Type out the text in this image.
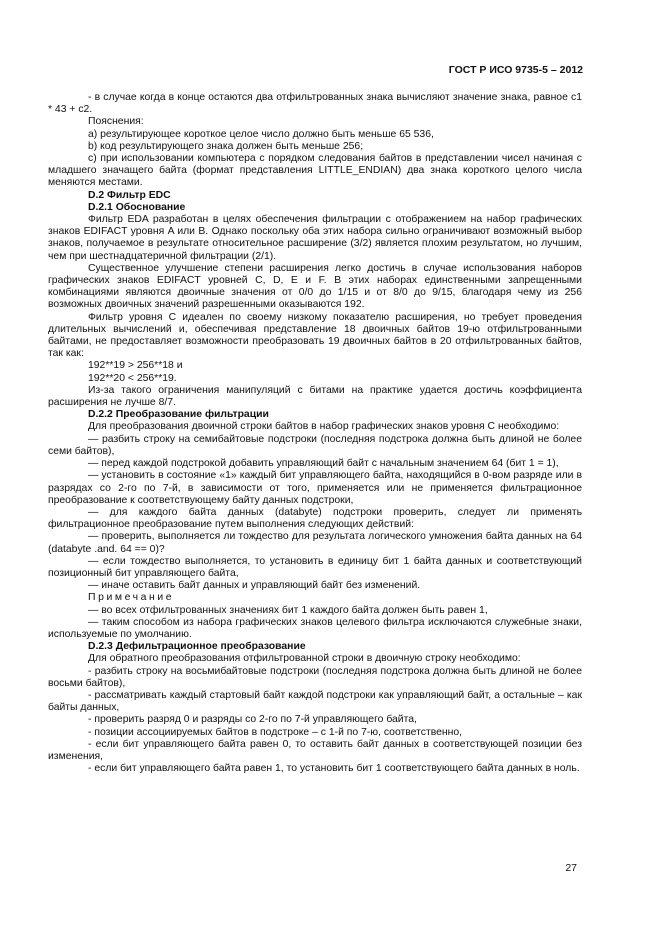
ГОСТ Р ИСО 9735-5 – 2012

- в случае когда в конце остаются два отфильтрованных знака вычисляют значение знака, равное с1 * 43 + с2.

Пояснения:

a) результирующее короткое целое число должно быть меньше 65 536,

b) код результирующего знака должен быть меньше 256;

c) при использовании компьютера с порядком следования байтов в представлении чисел начиная с младшего значащего байта (формат представления LITTLE_ENDIAN) два знака короткого целого числа меняются местами.

D.2 Фильтр EDC

D.2.1 Обоснование

Фильтр EDA разработан в целях обеспечения фильтрации с отображением на набор графических знаков EDIFACT уровня A или B. Однако поскольку оба этих набора сильно ограничивают возможный выбор знаков, получаемое в результате относительное расширение (3/2) является плохим результатом, но лучшим, чем при шестнадцатеричной фильтрации (2/1).

Существенное улучшение степени расширения легко достичь в случае использования наборов графических знаков EDIFACT уровней C, D, E и F. В этих наборах единственными запрещенными комбинациями являются двоичные значения от 0/0 до 1/15 и от 8/0 до 9/15, благодаря чему из 256 возможных двоичных значений разрешенными оказываются 192.

Фильтр уровня С идеален по своему низкому показателю расширения, но требует проведения длительных вычислений и, обеспечивая представление 18 двоичных байтов 19-ю отфильтрованными байтами, не предоставляет возможности преобразовать 19 двоичных байтов в 20 отфильтрованных байтов, так как:

192**19 > 256**18 и

192**20 < 256**19.

Из-за такого ограничения манипуляций с битами на практике удается достичь коэффициента расширения не лучше 8/7.

D.2.2 Преобразование фильтрации

Для преобразования двоичной строки байтов в набор графических знаков уровня С необходимо:

— разбить строку на семибайтовые подстроки (последняя подстрока должна быть длиной не более семи байтов),

— перед каждой подстрокой добавить управляющий байт с начальным значением 64 (бит 1 = 1),

— установить в состояние «1» каждый бит управляющего байта, находящийся в 0-вом разряде или в разрядах со 2-го по 7-й, в зависимости от того, применяется или не применяется фильтрационное преобразование к соответствующему байту данных подстроки,

— для каждого байта данных (databyte) подстроки проверить, следует ли применять фильтрационное преобразование путем выполнения следующих действий:

— проверить, выполняется ли тождество для результата логического умножения байта данных на 64 (databyte .and. 64 == 0)?

— если тождество выполняется, то установить в единицу бит 1 байта данных и соответствующий позиционный бит управляющего байта,

— иначе оставить байт данных и управляющий байт без изменений.

Примечание

— во всех отфильтрованных значениях бит 1 каждого байта должен быть равен 1,

— таким способом из набора графических знаков целевого фильтра исключаются служебные знаки, используемые по умолчанию.

D.2.3 Дефильтрационное преобразование

Для обратного преобразования отфильтрованной строки в двоичную строку необходимо:

- разбить строку на восьмибайтовые подстроки (последняя подстрока должна быть длиной не более восьми байтов),

- рассматривать каждый стартовый байт каждой подстроки как управляющий байт, а остальные – как байты данных,

- проверить разряд 0 и разряды со 2-го по 7-й управляющего байта,

- позиции ассоциируемых байтов в подстроке – с 1-й по 7-ю, соответственно,

- если бит управляющего байта равен 0, то оставить байт данных в соответствующей позиции без изменения,

- если бит управляющего байта равен 1, то установить бит 1 соответствующего байта данных в ноль.

27
